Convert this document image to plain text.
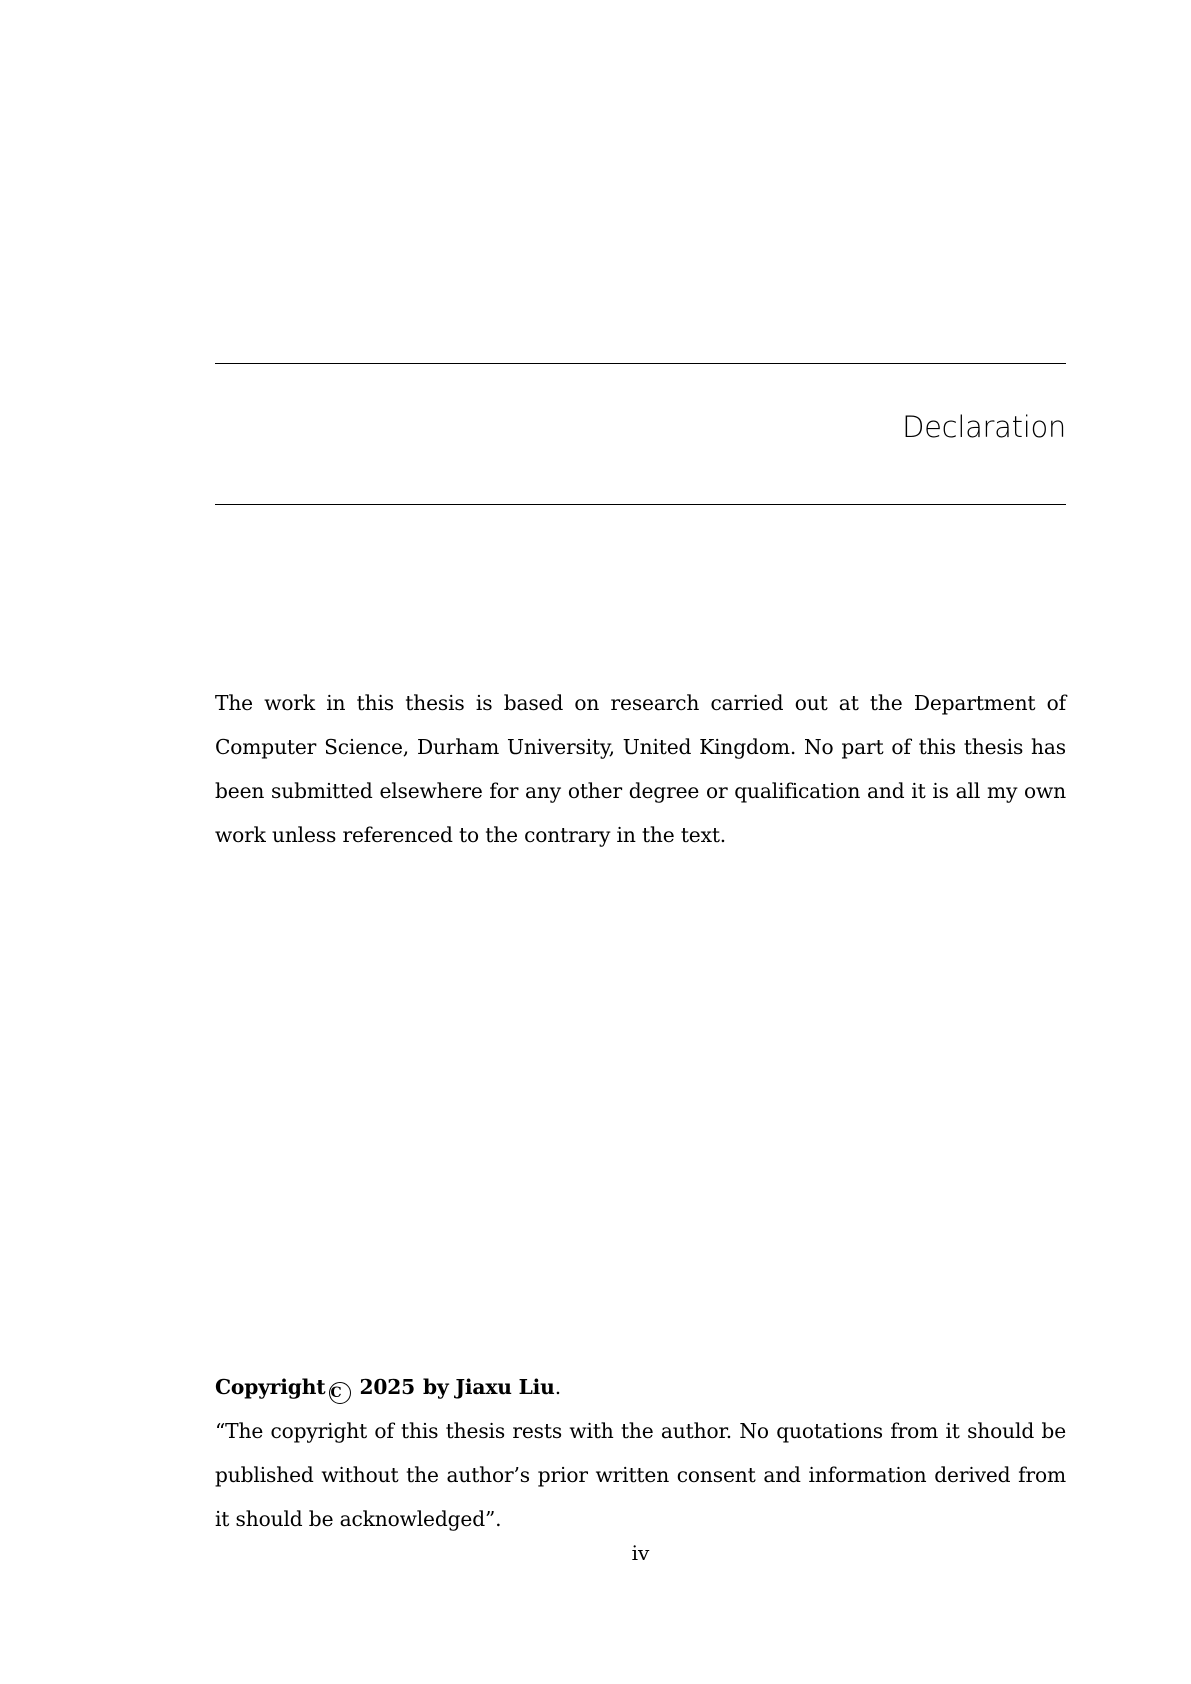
Declaration
The work in this thesis is based on research carried out at the Department of
Computer Science, Durham University, United Kingdom. No part of this thesis has
been submitted elsewhere for any other degree or qualification and it is all my own
work unless referenced to the contrary in the text.
Copyright C 2025 by Jiaxu Liu.
“The copyright of this thesis rests with the author. No quotations from it should be
published without the author’s prior written consent and information derived from
it should be acknowledged”.
iv
